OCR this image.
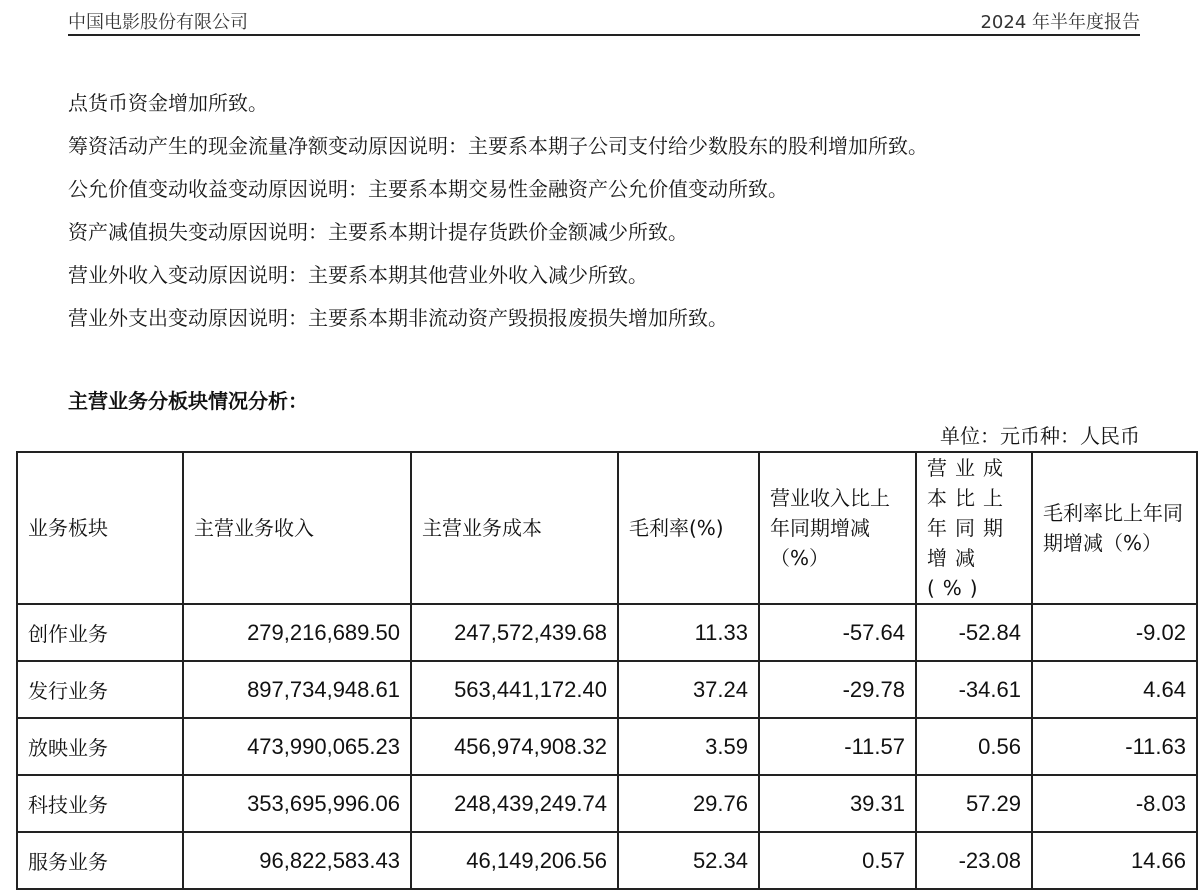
中国电影股份有限公司	2024 年半年度报告
点货币资金增加所致。
筹资活动产生的现金流量净额变动原因说明：主要系本期子公司支付给少数股东的股利增加所致。
公允价值变动收益变动原因说明：主要系本期交易性金融资产公允价值变动所致。
资产减值损失变动原因说明：主要系本期计提存货跌价金额减少所致。
营业外收入变动原因说明：主要系本期其他营业外收入减少所致。
营业外支出变动原因说明：主要系本期非流动资产毁损报废损失增加所致。
主营业务分板块情况分析：
单位：元币种：人民币
业务板块	主营业务收入	主营业务成本	毛利率(%)	营业收入比上年同期增减（%）	营业成本比上年同期增减(%)	毛利率比上年同期增减（%）
创作业务	279,216,689.50	247,572,439.68	11.33	-57.64	-52.84	-9.02
发行业务	897,734,948.61	563,441,172.40	37.24	-29.78	-34.61	4.64
放映业务	473,990,065.23	456,974,908.32	3.59	-11.57	0.56	-11.63
科技业务	353,695,996.06	248,439,249.74	29.76	39.31	57.29	-8.03
服务业务	96,822,583.43	46,149,206.56	52.34	0.57	-23.08	14.66
